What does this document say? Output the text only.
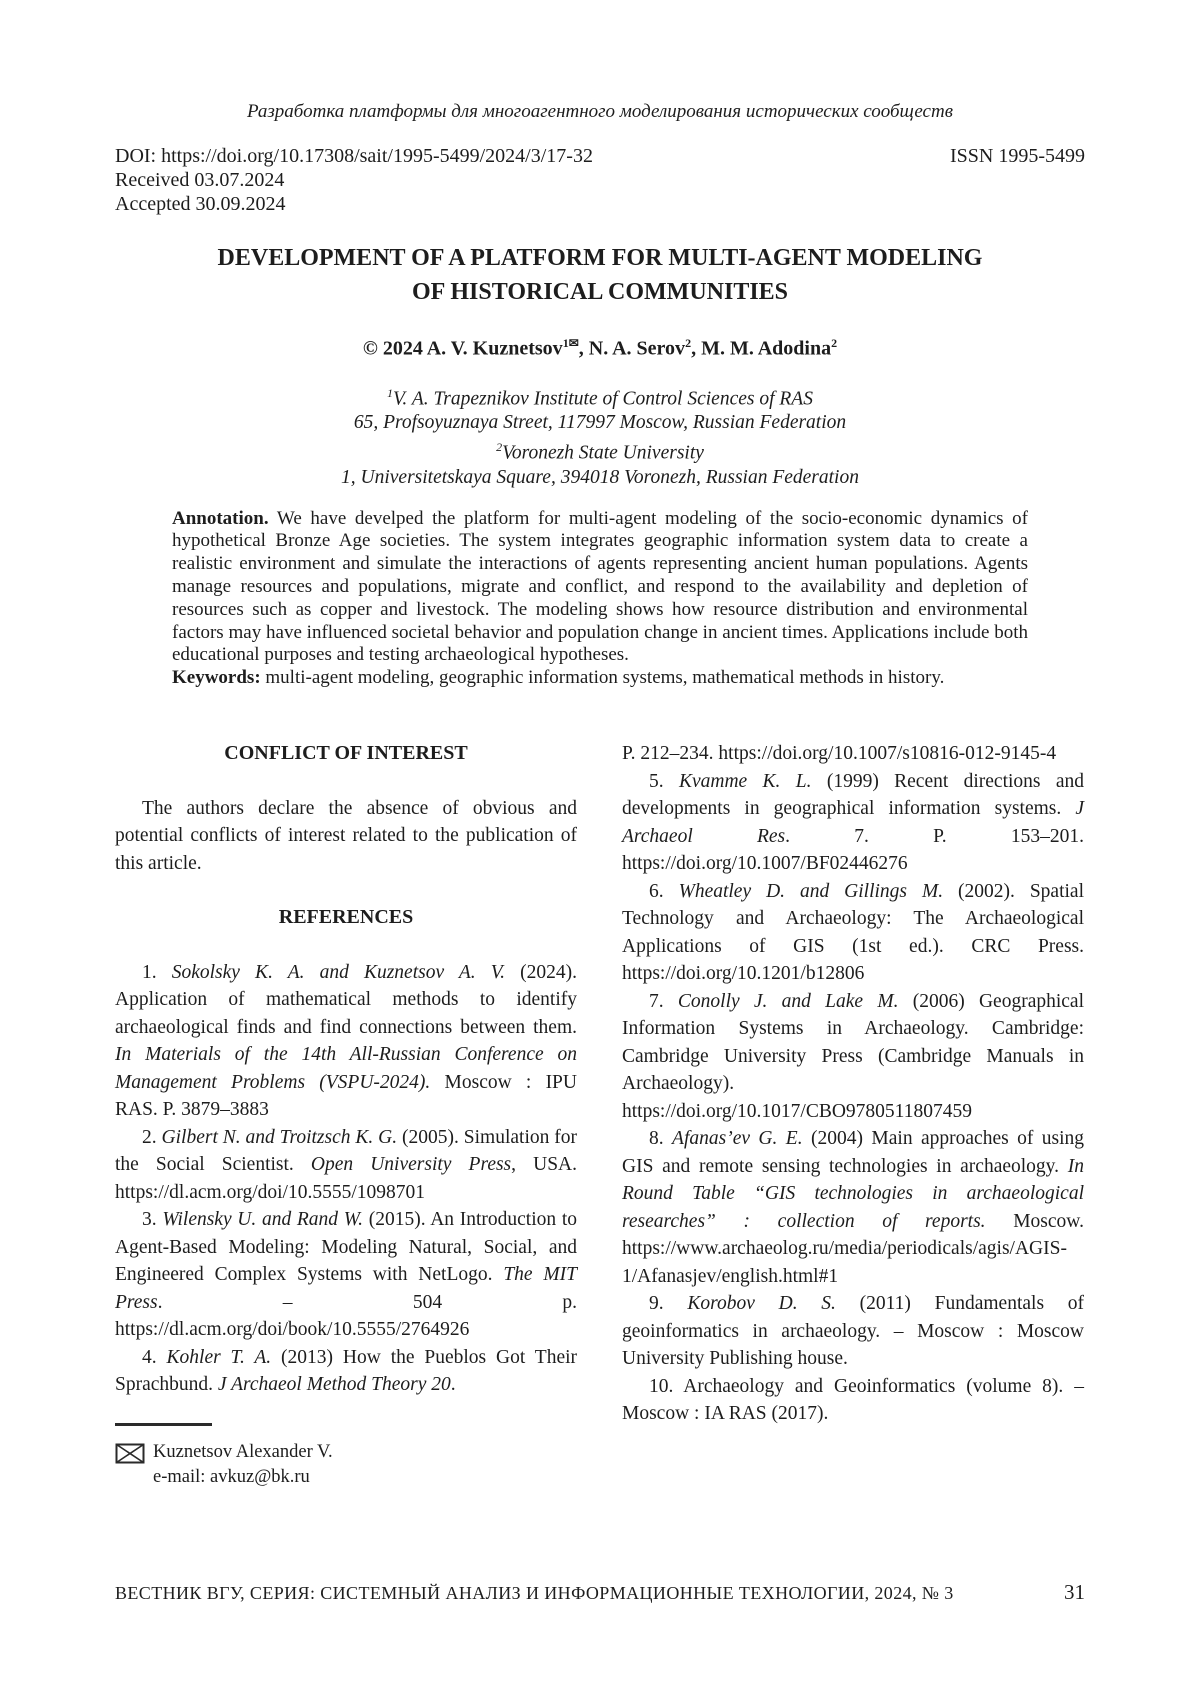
Разработка платформы для многоагентного моделирования исторических сообществ
DOI: https://doi.org/10.17308/sait/1995-5499/2024/3/17-32	ISSN 1995-5499
Received 03.07.2024
Accepted 30.09.2024
DEVELOPMENT OF A PLATFORM FOR MULTI-AGENT MODELING
OF HISTORICAL COMMUNITIES
© 2024 A. V. Kuznetsov$^{1✉}$, N. A. Serov$^2$, M. M. Adodina$^2$
$^1$V. A. Trapeznikov Institute of Control Sciences of RAS
65, Profsoyuznaya Street, 117997 Moscow, Russian Federation
$^2$Voronezh State University
1, Universitetskaya Square, 394018 Voronezh, Russian Federation

Annotation. We have develped the platform for multi-agent modeling of the socio-economic dynamics of hypothetical Bronze Age societies. The system integrates geographic information system data to create a realistic environment and simulate the interactions of agents representing ancient human populations. Agents manage resources and populations, migrate and conflict, and respond to the availability and depletion of resources such as copper and livestock. The modeling shows how resource distribution and environmental factors may have influenced societal behavior and population change in ancient times. Applications include both educational purposes and testing archaeological hypotheses.

Keywords: multi-agent modeling, geographic information systems, mathematical methods in history.

CONFLICT OF INTEREST

The authors declare the absence of obvious and potential conflicts of interest related to the publication of this article.

REFERENCES

1. Sokolsky K. A. and Kuznetsov A. V. (2024). Application of mathematical methods to identify archaeological finds and find connections between them. In Materials of the 14th All-Russian Conference on Management Problems (VSPU-2024). Moscow : IPU RAS. P. 3879–3883

2. Gilbert N. and Troitzsch K. G. (2005). Simulation for the Social Scientist. Open University Press, USA. https://dl.acm.org/doi/10.5555/1098701

3. Wilensky U. and Rand W. (2015). An Introduction to Agent-Based Modeling: Modeling Natural, Social, and Engineered Complex Systems with NetLogo. The MIT Press. – 504 p. https://dl.acm.org/doi/book/10.5555/2764926

4. Kohler T. A. (2013) How the Pueblos Got Their Sprachbund. J Archaeol Method Theory 20.

Kuznetsov Alexander V.
e-mail: avkuz@bk.ru

P. 212–234. https://doi.org/10.1007/s10816-012-9145-4

5. Kvamme K. L. (1999) Recent directions and developments in geographical information systems. J Archaeol Res. 7. P. 153–201. https://doi.org/10.1007/BF02446276

6. Wheatley D. and Gillings M. (2002). Spatial Technology and Archaeology: The Archaeological Applications of GIS (1st ed.). CRC Press. https://doi.org/10.1201/b12806

7. Conolly J. and Lake M. (2006) Geographical Information Systems in Archaeology. Cambridge: Cambridge University Press (Cambridge Manuals in Archaeology). https://doi.org/10.1017/CBO9780511807459

8. Afanas’ev G. E. (2004) Main approaches of using GIS and remote sensing technologies in archaeology. In Round Table “GIS technologies in archaeological researches” : collection of reports. Moscow. https://www.archaeolog.ru/media/periodicals/agis/AGIS-1/Afanasjev/english.html#1

9. Korobov D. S. (2011) Fundamentals of geoinformatics in archaeology. – Moscow : Moscow University Publishing house.

10. Archaeology and Geoinformatics (volume 8). – Moscow : IA RAS (2017).

ВЕСТНИК ВГУ, СЕРИЯ: СИСТЕМНЫЙ АНАЛИЗ И ИНФОРМАЦИОННЫЕ ТЕХНОЛОГИИ, 2024, № 3	31
